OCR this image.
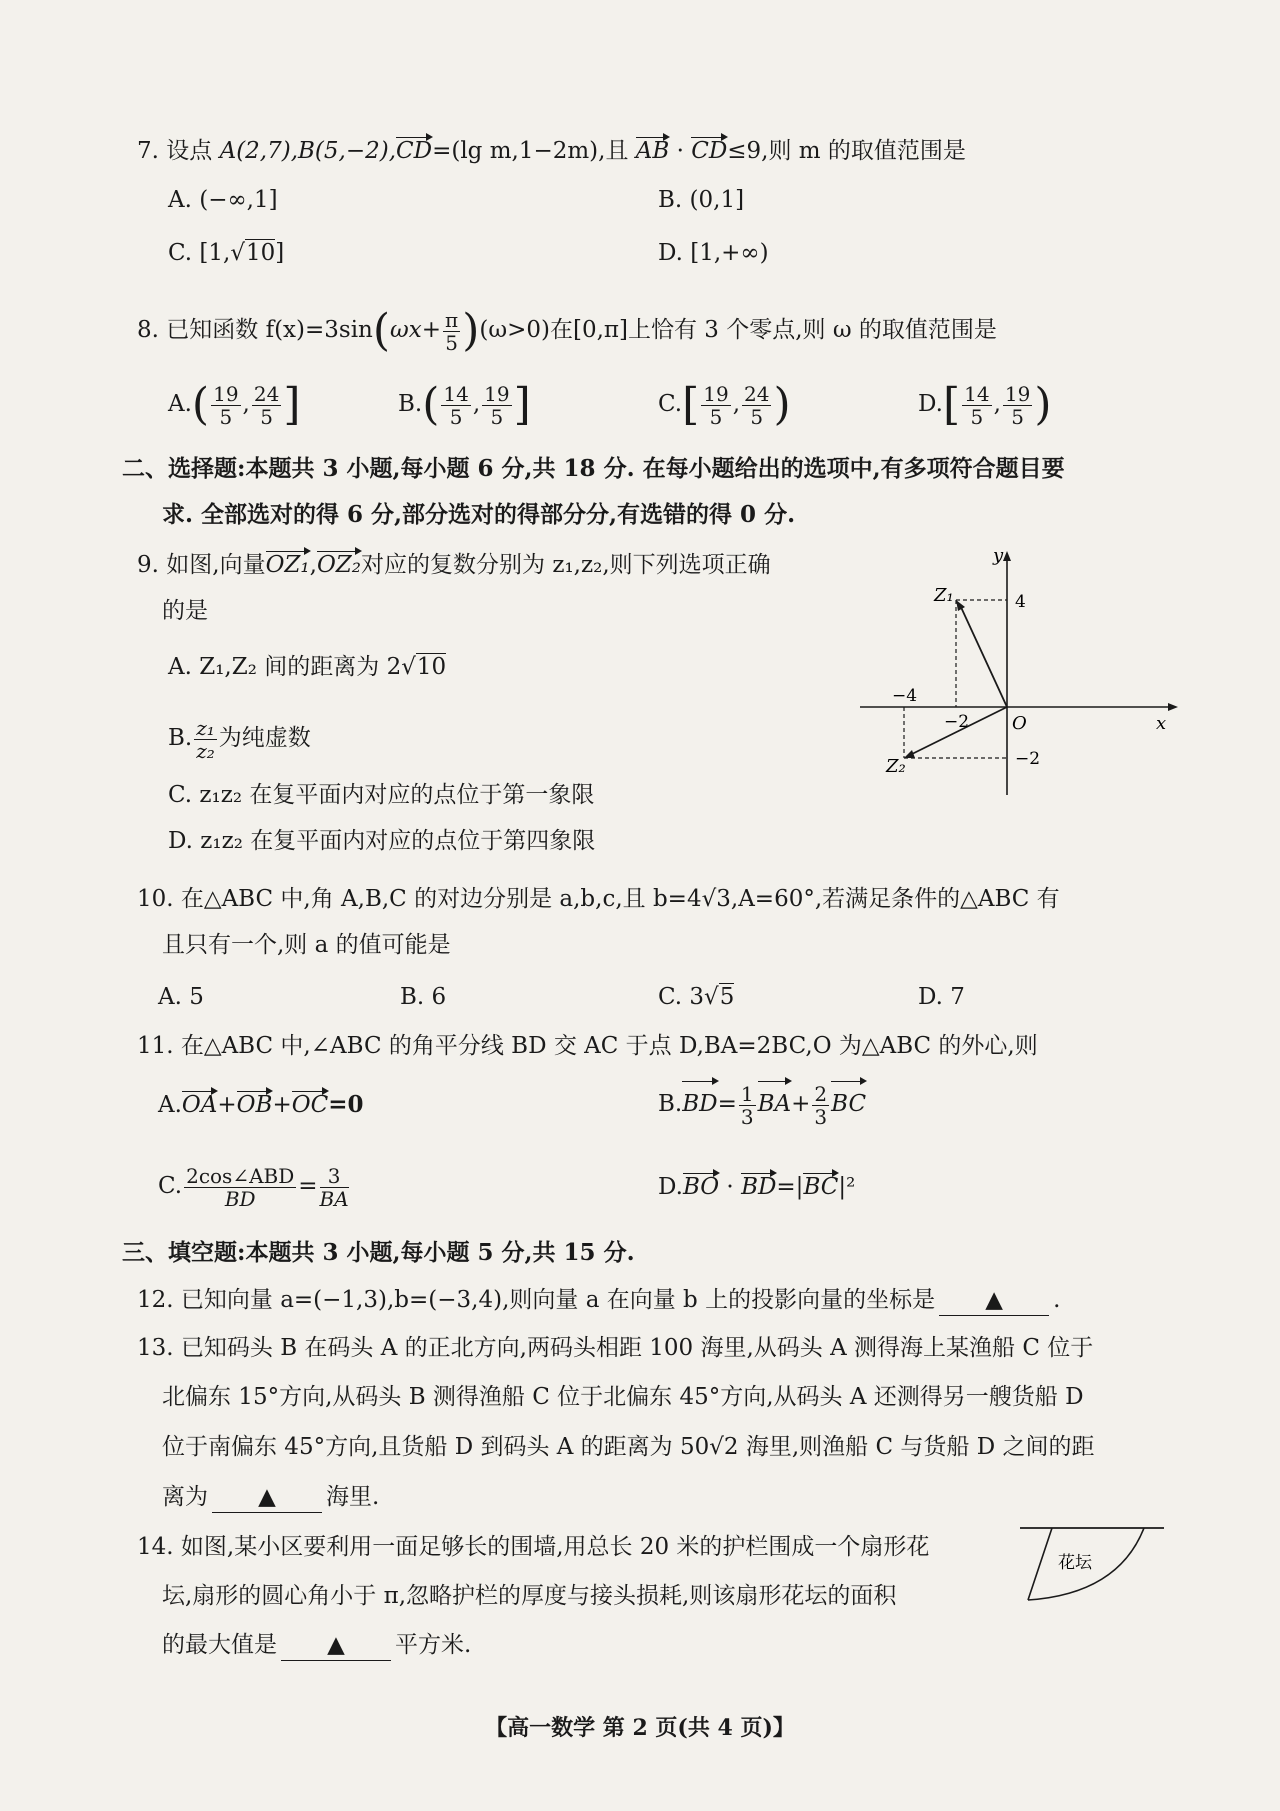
7. 设点 A(2,7),B(5,−2),CD=(lg m,1−2m),且 AB · CD≤9,则 m 的取值范围是
A. (−∞,1]	B. (0,1]
C. [1,√10]	D. [1,+∞)
8. 已知函数 $f(x)=3\sin(\omega x+ \frac{\pi}{5} )(\omega>0)$在[0,π]上恰有 3 个零点,则 ω 的取值范围是
$A.( \frac{19}{5}$ , $\frac{24}{5}$ ]	$B.( \frac{14}{5}$ , $\frac{19}{5}$ ]	$C.[ \frac{19}{5}$ , $\frac{24}{5}$ )	$D.[ \frac{14}{5}$ , $\frac{19}{5}$ )
二、选择题:本题共 3 小题,每小题 6 分,共 18 分. 在每小题给出的选项中,有多项符合题目要
求. 全部选对的得 6 分,部分选对的得部分分,有选错的得 0 分.
9. 如图,向量OZ₁,OZ₂对应的复数分别为 z₁,z₂,则下列选项正确
的是
A. Z₁,Z₂ 间的距离为 2√10
B. $\frac{\text{z₁}}{\text{z₂}}$ 为纯虚数
C. z₁z₂ 在复平面内对应的点位于第一象限
D. z₁z₂ 在复平面内对应的点位于第四象限
y
x
O
Z₁
Z₂
4
−2
−4
−2
10. 在△ABC 中,角 A,B,C 的对边分别是 a,b,c,且 b=4√3,A=60°,若满足条件的△ABC 有
且只有一个,则 a 的值可能是
A. 5	B. 6	C. 3√5	D. 7
11. 在△ABC 中,∠ABC 的角平分线 BD 交 AC 于点 D,BA=2BC,O 为△ABC 的外心,则
A.OA+OB+OC=0	$B.BD= \frac{1}{3} BA+ \frac{2}{3}$ BC
C. $\frac{\text{2cos∠ABD}}{BD} = \frac{3}{BA}$	D.BO · BD=|BC|²
三、填空题:本题共 3 小题,每小题 5 分,共 15 分.
12. 已知向量 a=(−1,3),b=(−3,4),则向量 a 在向量 b 上的投影向量的坐标是 ▲ .
13. 已知码头 B 在码头 A 的正北方向,两码头相距 100 海里,从码头 A 测得海上某渔船 C 位于
北偏东 15°方向,从码头 B 测得渔船 C 位于北偏东 45°方向,从码头 A 还测得另一艘货船 D
位于南偏东 45°方向,且货船 D 到码头 A 的距离为 50√2 海里,则渔船 C 与货船 D 之间的距
离为 ▲ 海里.
14. 如图,某小区要利用一面足够长的围墙,用总长 20 米的护栏围成一个扇形花
坛,扇形的圆心角小于 π,忽略护栏的厚度与接头损耗,则该扇形花坛的面积
的最大值是 ▲ 平方米.
花坛
【高一数学 第 2 页(共 4 页)】
